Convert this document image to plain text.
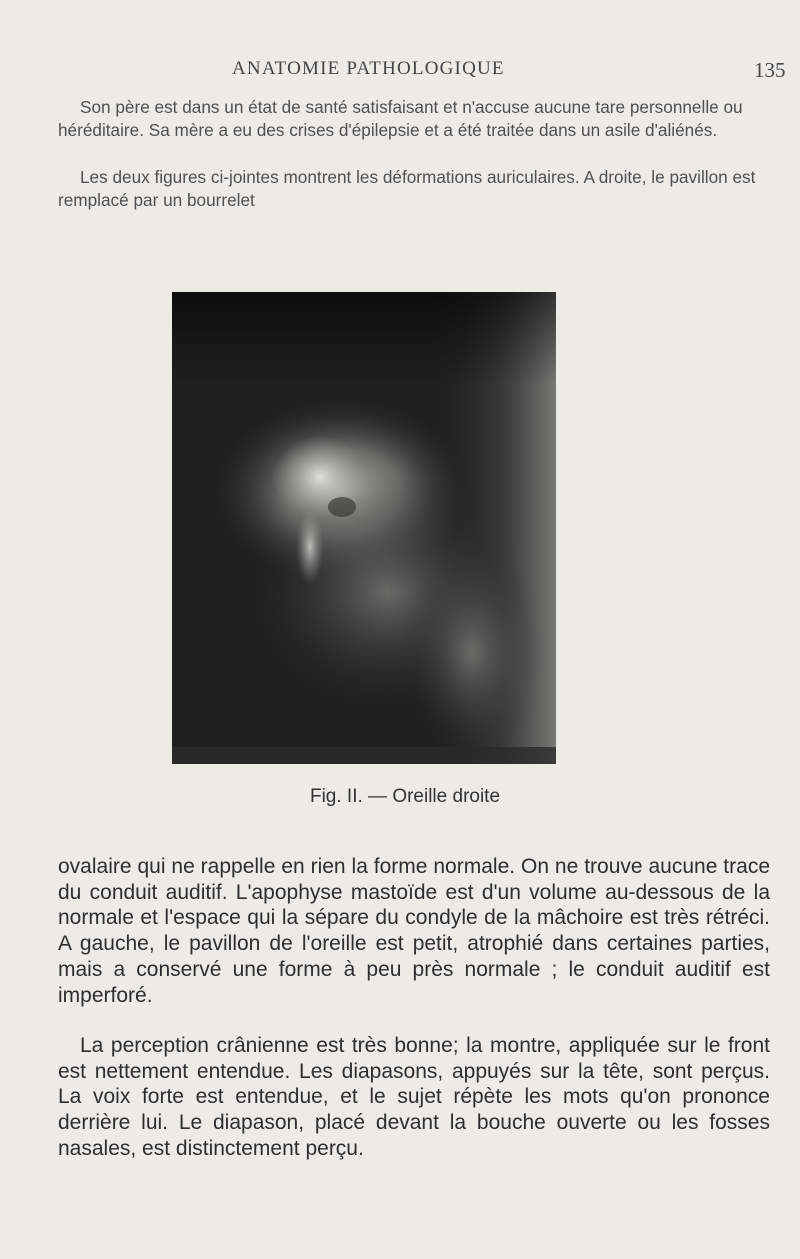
ANATOMIE PATHOLOGIQUE	135

Son père est dans un état de santé satisfaisant et n'accuse aucune tare personnelle ou héréditaire. Sa mère a eu des crises d'épilepsie et a été traitée dans un asile d'aliénés.

Les deux figures ci-jointes montrent les déformations auriculaires. A droite, le pavillon est remplacé par un bourrelet

Fig. II. — Oreille droite

ovalaire qui ne rappelle en rien la forme normale. On ne trouve aucune trace du conduit auditif. L'apophyse mastoïde est d'un volume au-dessous de la normale et l'espace qui la sépare du condyle de la mâchoire est très rétréci. A gauche, le pavillon de l'oreille est petit, atrophié dans certaines parties, mais a conservé une forme à peu près normale ; le conduit auditif est imperforé.

La perception crânienne est très bonne; la montre, appliquée sur le front est nettement entendue. Les diapasons, appuyés sur la tête, sont perçus. La voix forte est entendue, et le sujet répète les mots qu'on prononce derrière lui. Le diapason, placé devant la bouche ouverte ou les fosses nasales, est distinctement perçu.
